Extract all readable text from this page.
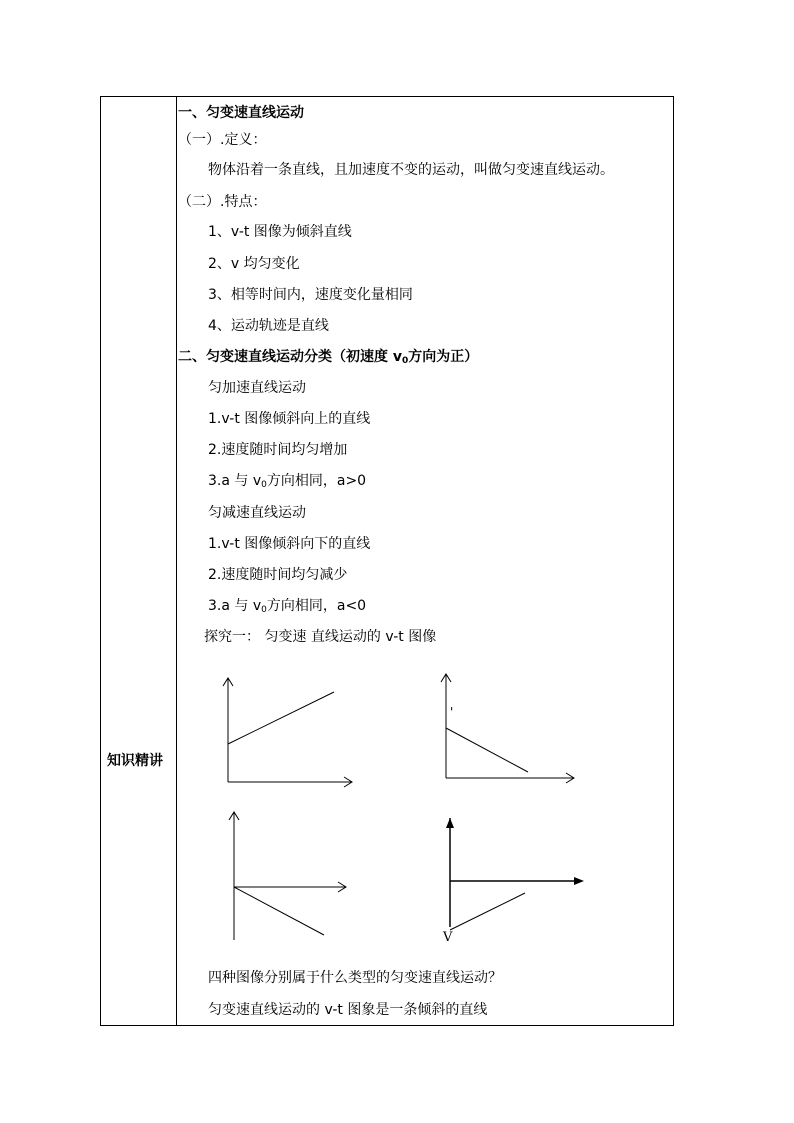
知识精讲
一、匀变速直线运动
（一）.定义：
物体沿着一条直线，且加速度不变的运动，叫做匀变速直线运动。
（二）.特点：
1、v-t 图像为倾斜直线
2、v 均匀变化
3、相等时间内，速度变化量相同
4、运动轨迹是直线
二、匀变速直线运动分类（初速度 $v_0$方向为正）
匀加速直线运动
1.v-t 图像倾斜向上的直线
2.速度随时间均匀增加
3.a 与 $v_0$方向相同，a>0
匀减速直线运动
1.v-t 图像倾斜向下的直线
2.速度随时间均匀减少
3.a 与 $v_0$方向相同，a<0
探究一： 匀变速 直线运动的 v-t 图像
'
V
四种图像分别属于什么类型的匀变速直线运动？
匀变速直线运动的 v-t 图象是一条倾斜的直线
